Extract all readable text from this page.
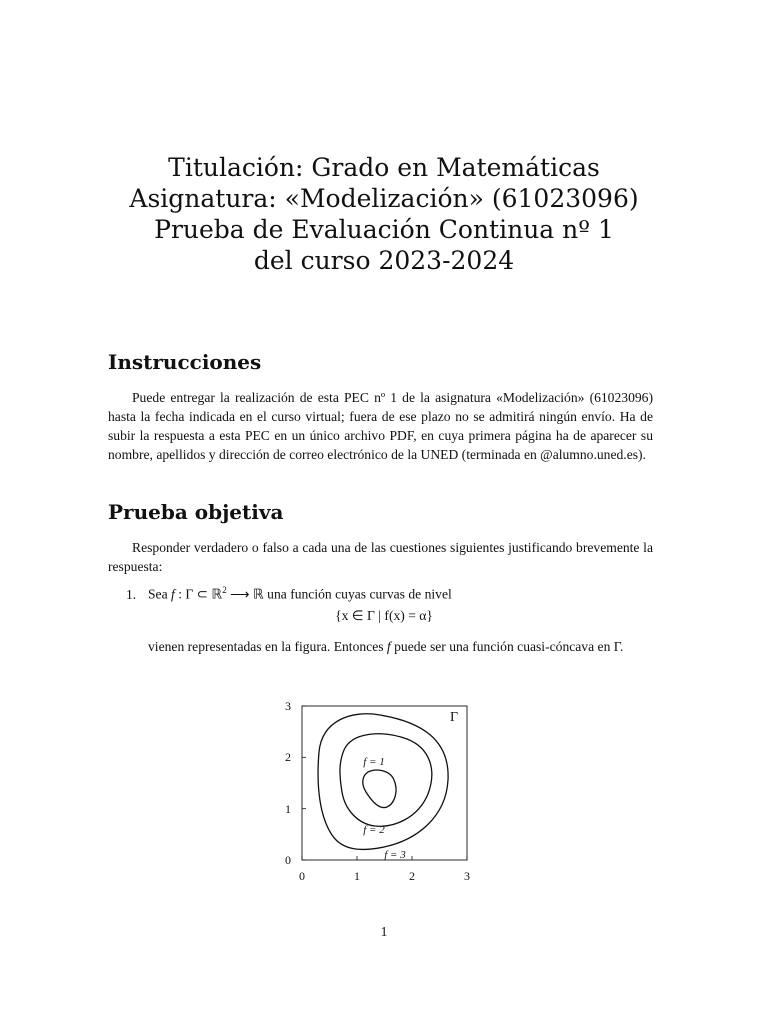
Titulación: Grado en Matemáticas
Asignatura: «Modelización» (61023096)
Prueba de Evaluación Continua nº 1
del curso 2023-2024
Instrucciones
Puede entregar la realización de esta PEC nº 1 de la asignatura «Modelización» (61023096) hasta la fecha indicada en el curso virtual; fuera de ese plazo no se admitirá ningún envío. Ha de subir la respuesta a esta PEC en un único archivo PDF, en cuya primera página ha de aparecer su nombre, apellidos y dirección de correo electrónico de la UNED (terminada en @alumno.uned.es).
Prueba objetiva
Responder verdadero o falso a cada una de las cuestiones siguientes justificando brevemente la respuesta:
1. Sea f : Γ ⊂ ℝ$^2$ ⟶ ℝ una función cuyas curvas de nivel
{x ∈ Γ | f(x) = α}
vienen representadas en la figura. Entonces f puede ser una función cuasi-cóncava en Γ.
0	1	2	3
0
1
2
3
Γ
f = 1
f = 2
f = 3
1
